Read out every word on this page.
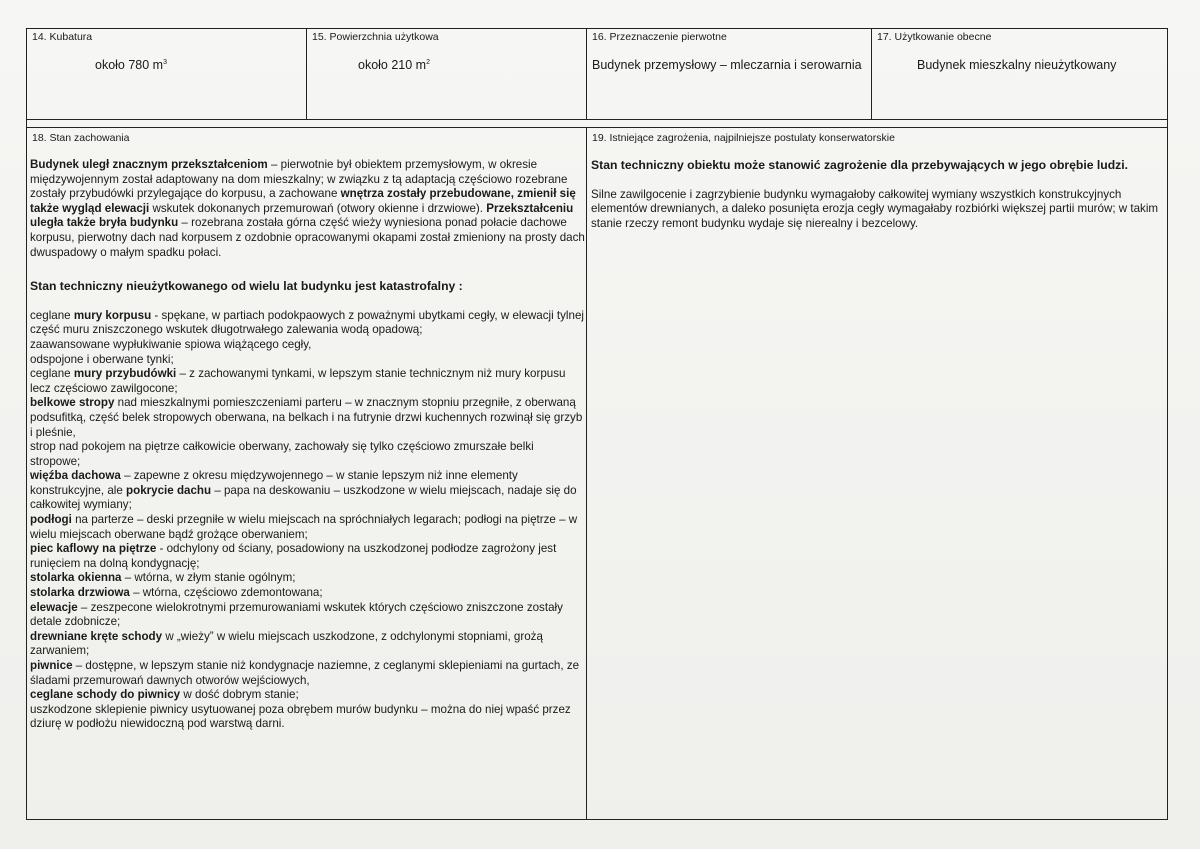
14. Kubatura
około 780 $m^3$
15. Powierzchnia użytkowa
około 210 $m^2$
16. Przeznaczenie pierwotne
Budynek przemysłowy – mleczarnia i serowarnia
17. Użytkowanie obecne
Budynek mieszkalny nieużytkowany
18. Stan zachowania	19. Istniejące zagrożenia, najpilniejsze postulaty konserwatorskie

Budynek uległ znacznym przekształceniom – pierwotnie był obiektem przemysłowym, w okresie międzywojennym został adaptowany na dom mieszkalny; w związku z tą adaptacją częściowo rozebrane zostały przybudówki przylegające do korpusu, a zachowane wnętrza zostały przebudowane, zmienił się także wygląd elewacji wskutek dokonanych przemurowań (otwory okienne i drzwiowe). Przekształceniu uległa także bryła budynku – rozebrana została górna część wieży wyniesiona ponad połacie dachowe korpusu, pierwotny dach nad korpusem z ozdobnie opracowanymi okapami został zmieniony na prosty dach dwuspadowy o małym spadku połaci.

Stan techniczny nieużytkowanego od wielu lat budynku jest katastrofalny :

ceglane mury korpusu - spękane, w partiach podokpaowych z poważnymi ubytkami cegły, w elewacji tylnej część muru zniszczonego wskutek długotrwałego zalewania wodą opadową;

zaawansowane wypłukiwanie spiowa wiążącego cegły,

odspojone i oberwane tynki;

ceglane mury przybudówki – z zachowanymi tynkami, w lepszym stanie technicznym niż mury korpusu lecz częściowo zawilgocone;

belkowe stropy nad mieszkalnymi pomieszczeniami parteru – w znacznym stopniu przegniłe, z oberwaną podsufitką, część belek stropowych oberwana, na belkach i na futrynie drzwi kuchennych rozwinął się grzyb i pleśnie,

strop nad pokojem na piętrze całkowicie oberwany, zachowały się tylko częściowo zmurszałe belki stropowe;

więźba dachowa – zapewne z okresu międzywojennego – w stanie lepszym niż inne elementy konstrukcyjne, ale pokrycie dachu – papa na deskowaniu – uszkodzone w wielu miejscach, nadaje się do całkowitej wymiany;

podłogi na parterze – deski przegniłe w wielu miejscach na spróchniałych legarach; podłogi na piętrze – w wielu miejscach oberwane bądź grożące oberwaniem;

piec kaflowy na piętrze - odchylony od ściany, posadowiony na uszkodzonej podłodze zagrożony jest runięciem na dolną kondygnację;

stolarka okienna – wtórna, w złym stanie ogólnym;

stolarka drzwiowa – wtórna, częściowo zdemontowana;

elewacje – zeszpecone wielokrotnymi przemurowaniami wskutek których częściowo zniszczone zostały detale zdobnicze;

drewniane kręte schody w „wieży” w wielu miejscach uszkodzone, z odchylonymi stopniami, grożą zarwaniem;

piwnice – dostępne, w lepszym stanie niż kondygnacje naziemne, z ceglanymi sklepieniami na gurtach, ze śladami przemurowań dawnych otworów wejściowych,

ceglane schody do piwnicy w dość dobrym stanie;

uszkodzone sklepienie piwnicy usytuowanej poza obrębem murów budynku – można do niej wpaść przez dziurę w podłożu niewidoczną pod warstwą darni.

Stan techniczny obiektu może stanowić zagrożenie dla przebywających w jego obrębie ludzi.

Silne zawilgocenie i zagrzybienie budynku wymagałoby całkowitej wymiany wszystkich konstrukcyjnych elementów drewnianych, a daleko posunięta erozja cegły wymagałaby rozbiórki większej partii murów; w takim stanie rzeczy remont budynku wydaje się nierealny i bezcelowy.
